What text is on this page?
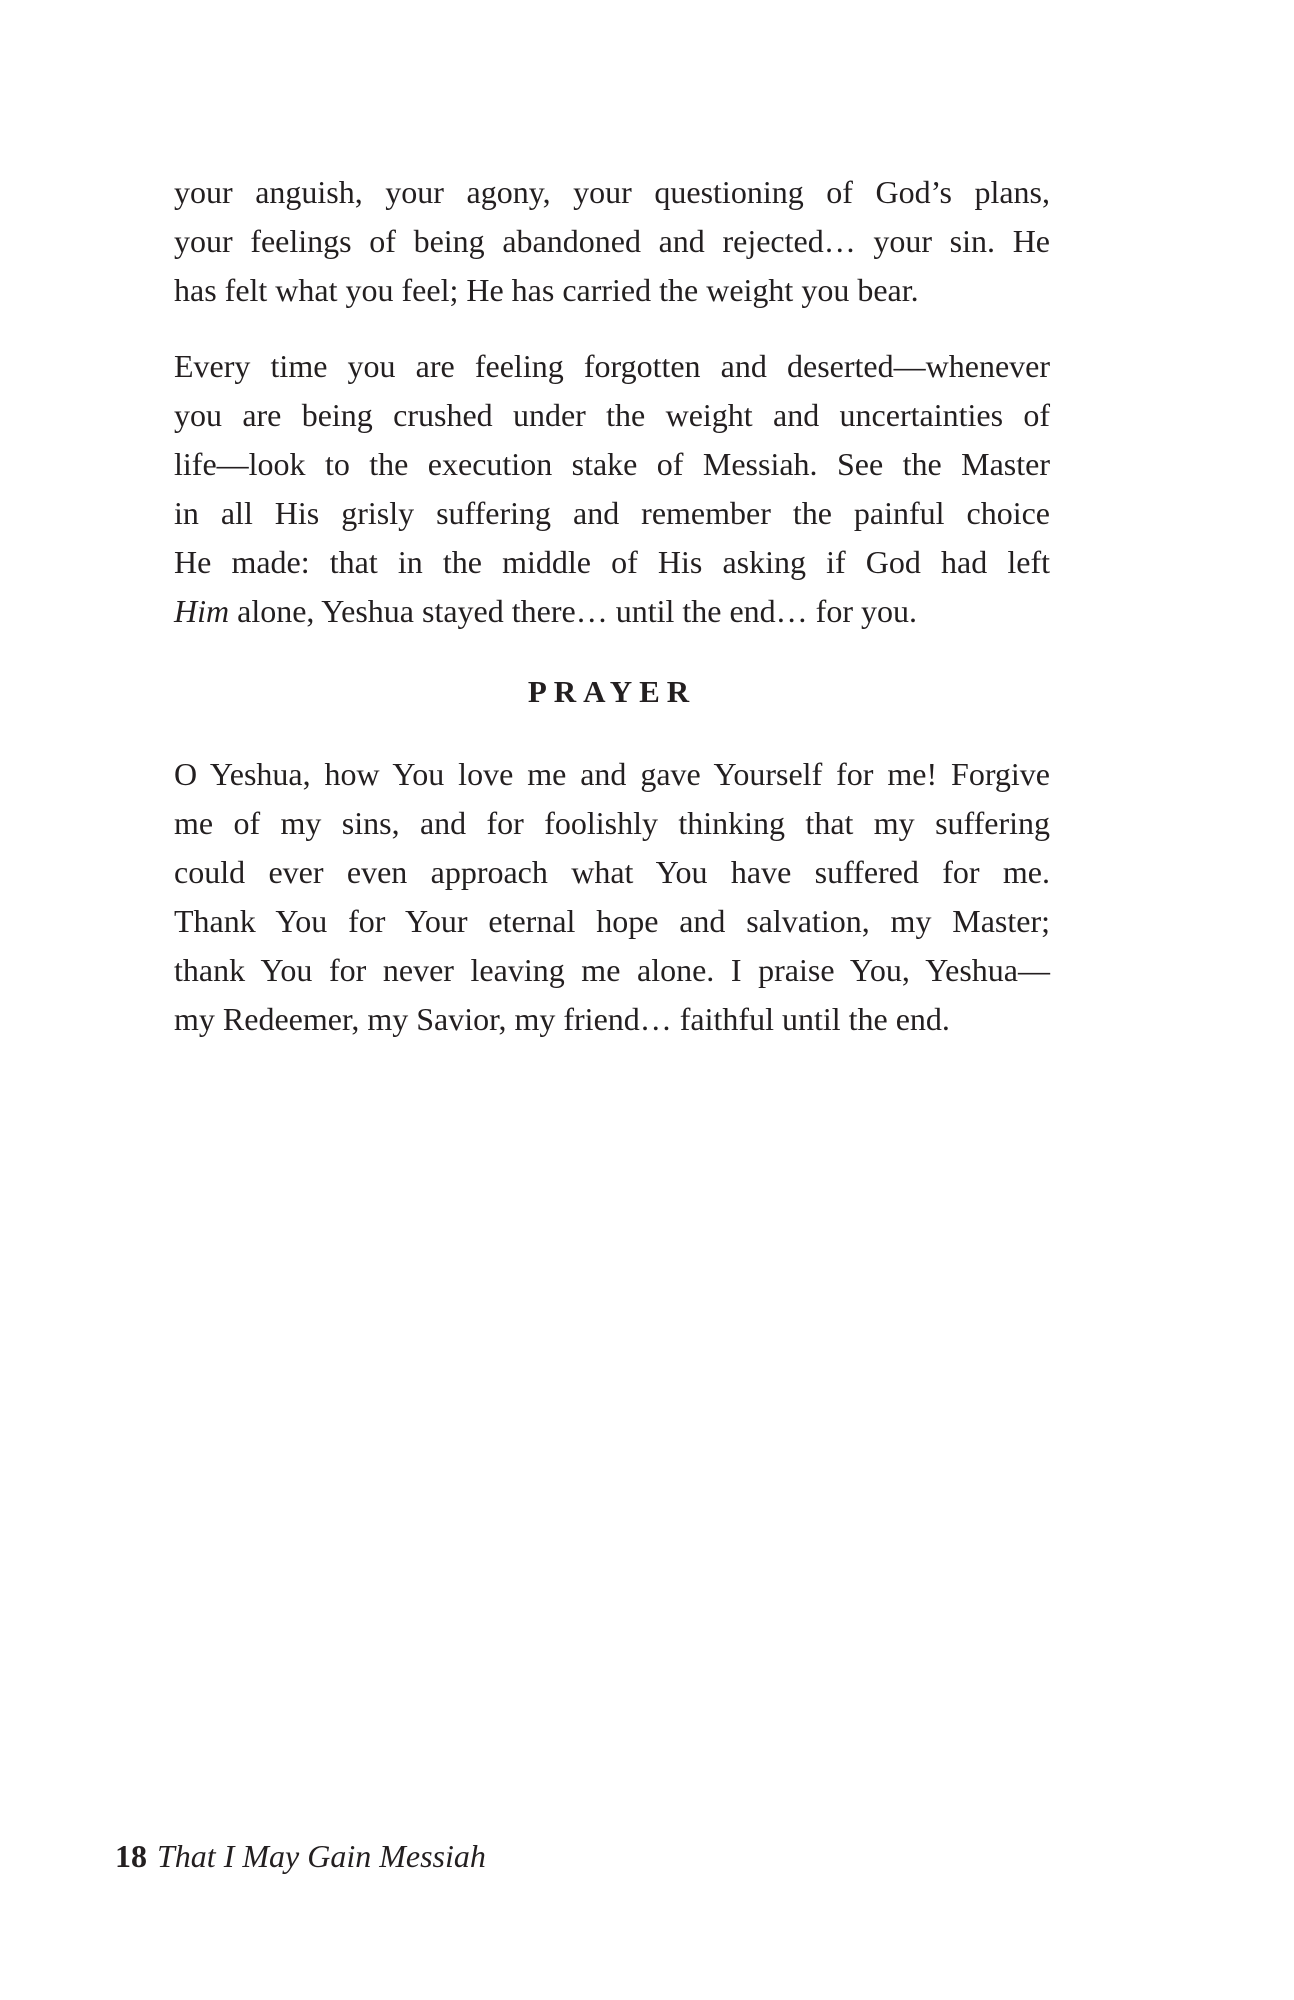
your anguish, your agony, your questioning of God’s plans,
your feelings of being abandoned and rejected… your sin. He
has felt what you feel; He has carried the weight you bear.

Every time you are feeling forgotten and deserted—whenever
you are being crushed under the weight and uncertainties of
life—look to the execution stake of Messiah. See the Master
in all His grisly suffering and remember the painful choice
He made: that in the middle of His asking if God had left
Him alone, Yeshua stayed there… until the end… for you.

PRAYER

O Yeshua, how You love me and gave Yourself for me! Forgive
me of my sins, and for foolishly thinking that my suffering
could ever even approach what You have suffered for me.
Thank You for Your eternal hope and salvation, my Master;
thank You for never leaving me alone. I praise You, Yeshua—
my Redeemer, my Savior, my friend… faithful until the end.

18 That I May Gain Messiah
